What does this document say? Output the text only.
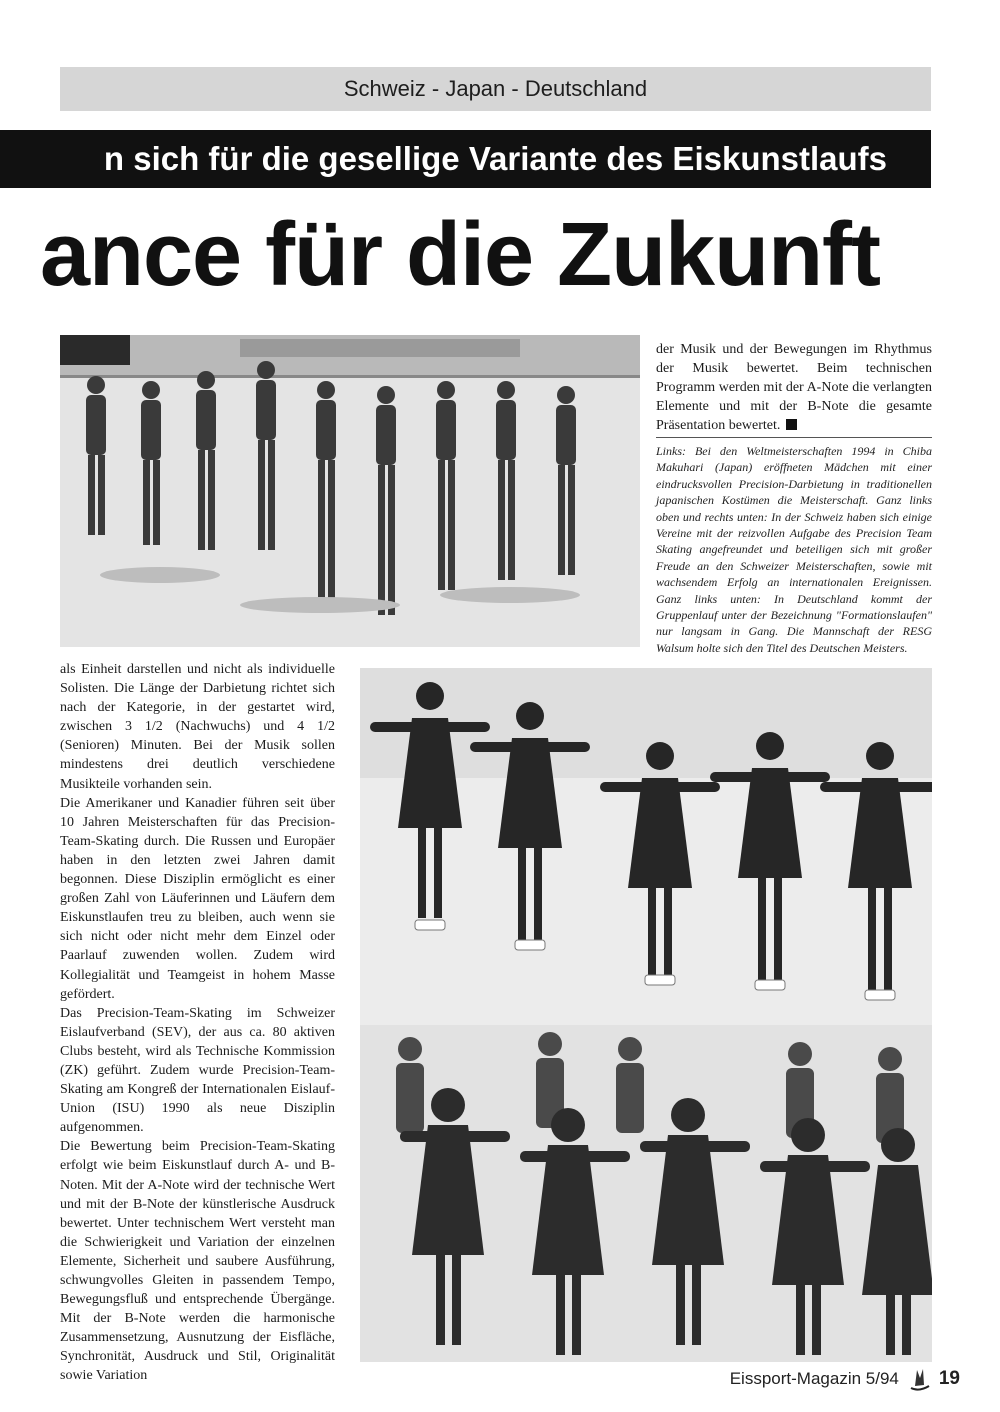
Schweiz - Japan - Deutschland
n sich für die gesellige Variante des Eiskunstlaufs
ance für die Zukunft

der Musik und der Bewegungen im Rhythmus der Musik bewertet. Beim technischen Programm werden mit der A-Note die verlangten Elemente und mit der B-Note die gesamte Präsentation bewertet.

Links: Bei den Weltmeisterschaften 1994 in Chiba Makuhari (Japan) eröffneten Mädchen mit einer eindrucksvollen Precision-Darbietung in traditionellen japanischen Kostümen die Meisterschaft. Ganz links oben und rechts unten: In der Schweiz haben sich einige Vereine mit der reizvollen Aufgabe des Precision Team Skating angefreundet und beteiligen sich mit großer Freude an den Schweizer Meisterschaften, sowie mit wachsendem Erfolg an internationalen Ereignissen. Ganz links unten: In Deutschland kommt der Gruppenlauf unter der Bezeichnung "Formationslaufen" nur langsam in Gang. Die Mannschaft der RESG Walsum holte sich den Titel des Deutschen Meisters.

als Einheit darstellen und nicht als individuelle Solisten. Die Länge der Darbietung richtet sich nach der Kategorie, in der gestartet wird, zwischen 3 1/2 (Nachwuchs) und 4 1/2 (Senioren) Minuten. Bei der Musik sollen mindestens drei deutlich verschiedene Musikteile vorhanden sein.

Die Amerikaner und Kanadier führen seit über 10 Jahren Meisterschaften für das Precision-Team-Skating durch. Die Russen und Europäer haben in den letzten zwei Jahren damit begonnen. Diese Disziplin ermöglicht es einer großen Zahl von Läuferinnen und Läufern dem Eiskunstlaufen treu zu bleiben, auch wenn sie sich nicht oder nicht mehr dem Einzel oder Paarlauf zuwenden wollen. Zudem wird Kollegialität und Teamgeist in hohem Masse gefördert.

Das Precision-Team-Skating im Schweizer Eislaufverband (SEV), der aus ca. 80 aktiven Clubs besteht, wird als Technische Kommission (ZK) geführt. Zudem wurde Precision-Team-Skating am Kongreß der Internationalen Eislauf-Union (ISU) 1990 als neue Disziplin aufgenommen.

Die Bewertung beim Precision-Team-Skating erfolgt wie beim Eiskunstlauf durch A- und B-Noten. Mit der A-Note wird der technische Wert und mit der B-Note der künstlerische Ausdruck bewertet. Unter technischem Wert versteht man die Schwierigkeit und Variation der einzelnen Elemente, Sicherheit und saubere Ausführung, schwungvolles Gleiten in passendem Tempo, Bewegungsfluß und entsprechende Übergänge. Mit der B-Note werden die harmonische Zusammensetzung, Ausnutzung der Eisfläche, Synchronität, Ausdruck und Stil, Originalität sowie Variation	Eissport-Magazin 5/94 19
